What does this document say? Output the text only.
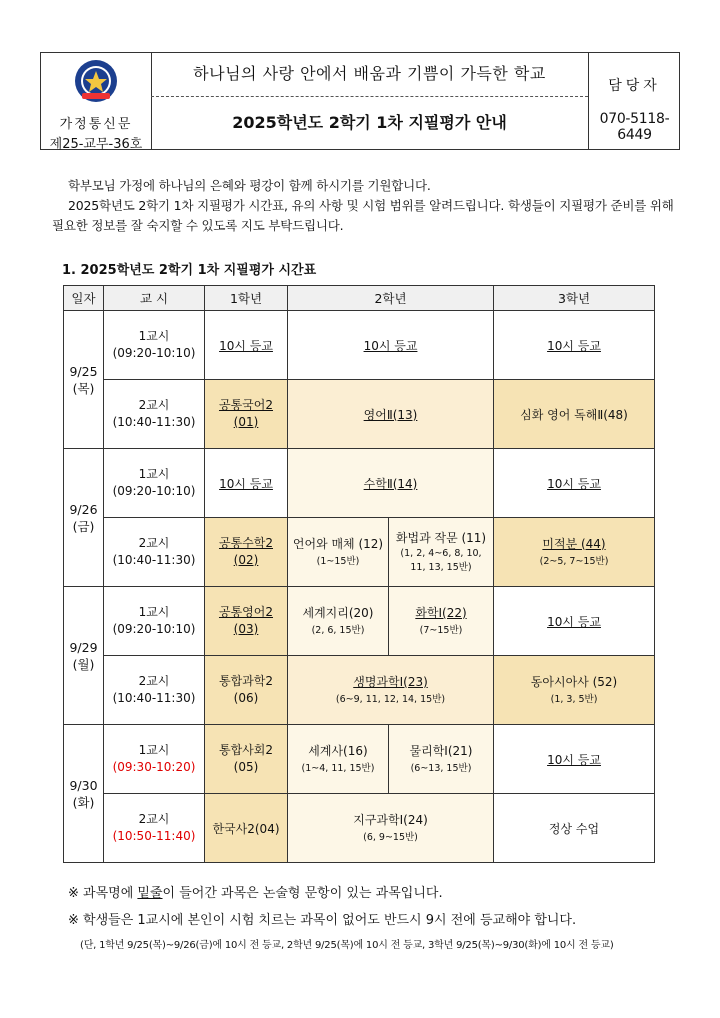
가정통신문
제25-교무-36호
하나님의 사랑 안에서 배움과 기쁨이 가득한 학교
2025학년도 2학기 1차 지필평가 안내
담당자
070-5118-6449

학부모님 가정에 하나님의 은혜와 평강이 함께 하시기를 기원합니다.

2025학년도 2학기 1차 지필평가 시간표, 유의 사항 및 시험 범위를 알려드립니다. 학생들이 지필평가 준비를 위해 필요한 정보를 잘 숙지할 수 있도록 지도 부탁드립니다.

1. 2025학년도 2학기 1차 지필평가 시간표
일자	교 시	1학년	2학년		3학년

9/25
(목)	1교시
(09:20-10:10)	10시 등교	10시 등교		10시 등교

	2교시
(10:40-11:30)	공통국어2
(01)	영어Ⅱ(13)		심화 영어 독해Ⅱ(48)

9/26
(금)	1교시
(09:20-10:10)	10시 등교	수학Ⅱ(14)		10시 등교

	2교시
(10:40-11:30)	공통수학2
(02)	언어와 매체 (12)
(1~15반)	화법과 작문 (11)
(1, 2, 4~6, 8, 10,
11, 13, 15반)	미적분 (44)
(2~5, 7~15반)

9/29
(월)	1교시
(09:20-10:10)	공통영어2
(03)	세계지리(20)
(2, 6, 15반)	화학Ⅰ(22)
(7~15반)	10시 등교

	2교시
(10:40-11:30)	통합과학2
(06)	생명과학Ⅰ(23)
(6~9, 11, 12, 14, 15반)		동아시아사 (52)
(1, 3, 5반)

9/30
(화)	1교시
(09:30-10:20)	통합사회2
(05)	세계사(16)
(1~4, 11, 15반)	물리학Ⅰ(21)
(6~13, 15반)	10시 등교

	2교시
(10:50-11:40)	한국사2(04)	지구과학Ⅰ(24)
(6, 9~15반)		정상 수업
※ 과목명에 밑줄이 들어간 과목은 논술형 문항이 있는 과목입니다.
※ 학생들은 1교시에 본인이 시험 치르는 과목이 없어도 반드시 9시 전에 등교해야 합니다.
(단, 1학년 9/25(목)~9/26(금)에 10시 전 등교, 2학년 9/25(목)에 10시 전 등교, 3학년 9/25(목)~9/30(화)에 10시 전 등교)
